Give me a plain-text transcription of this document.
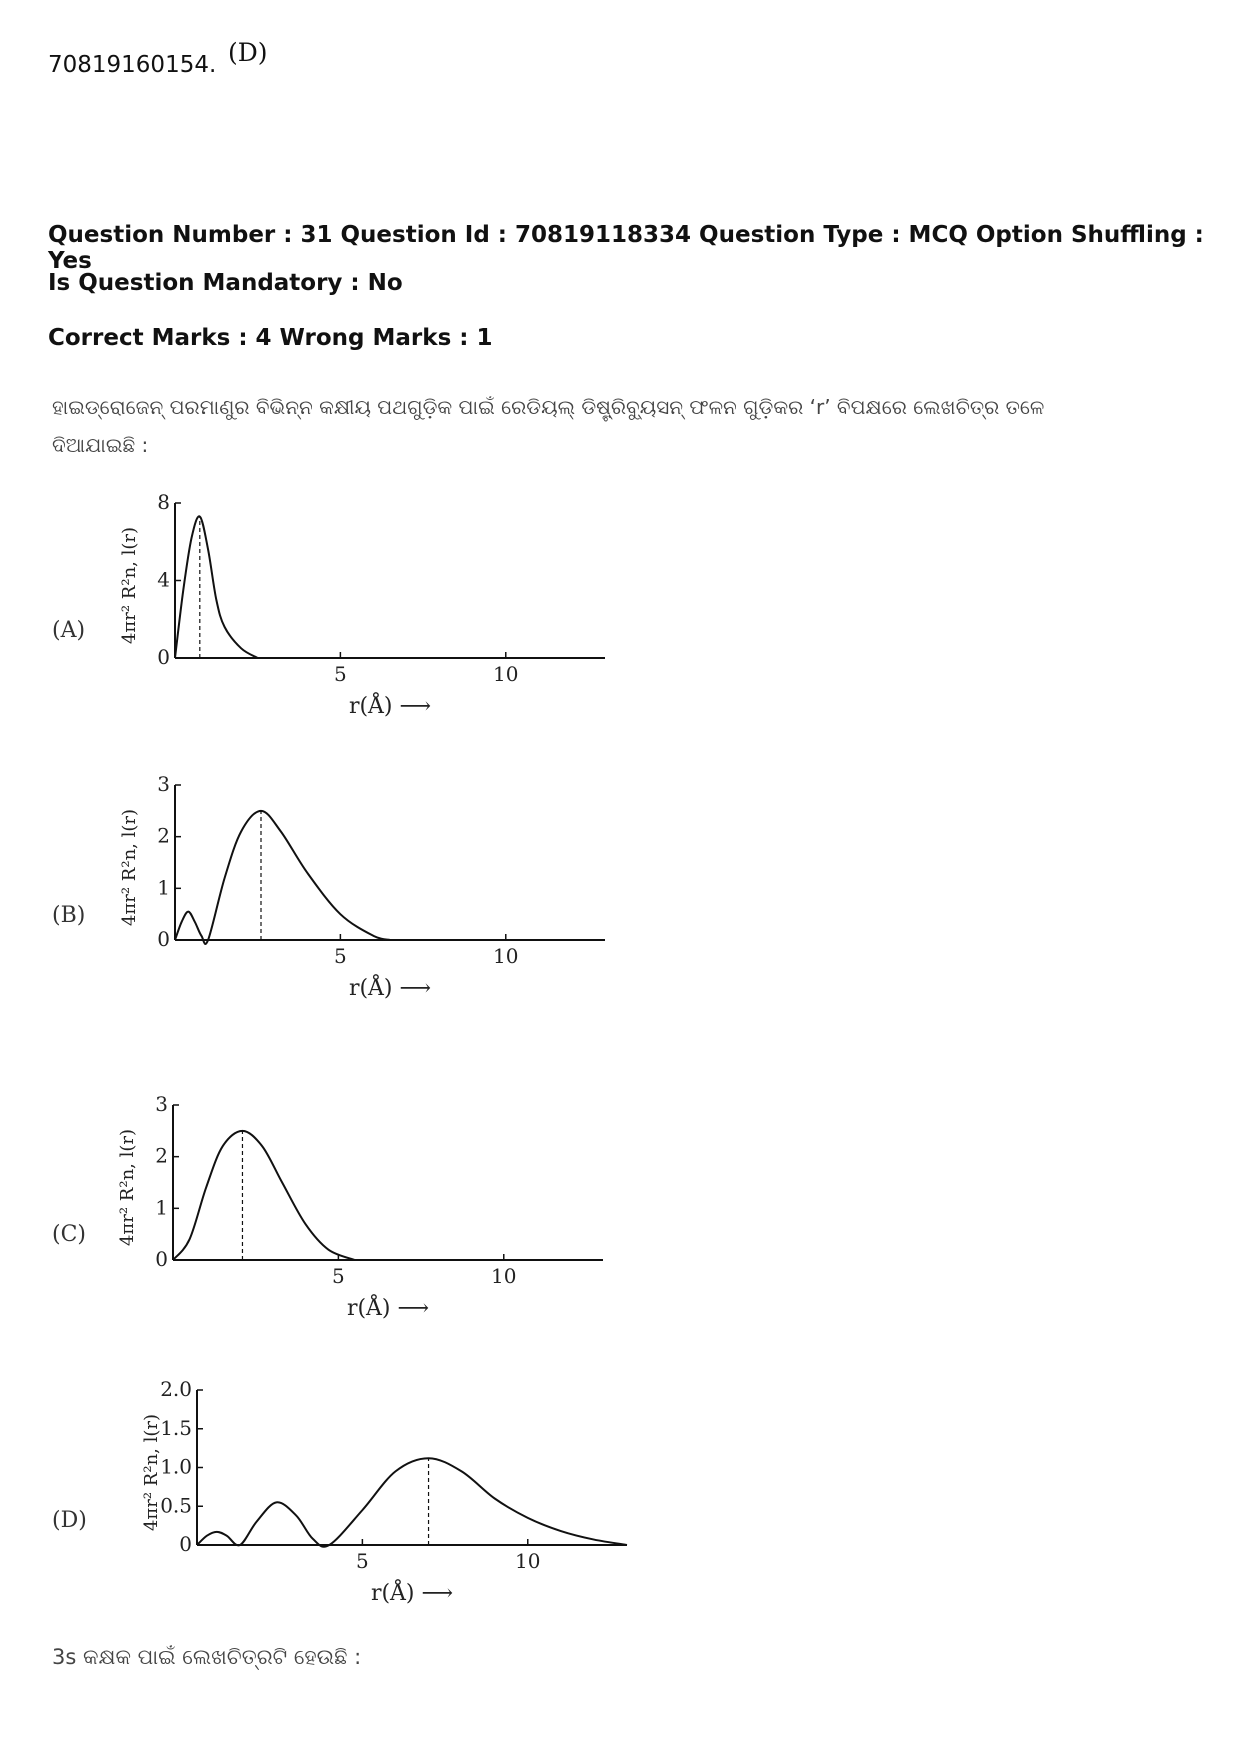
70819160154. (D)
Question Number : 31 Question Id : 70819118334 Question Type : MCQ Option Shuffling : Yes
Is Question Mandatory : No
Correct Marks : 4 Wrong Marks : 1
ହାଇଡ୍ରୋଜେନ୍ ପରମାଣୁର ବିଭିନ୍ନ କକ୍ଷୀୟ ପଥଗୁଡ଼ିକ ପାଇଁ ରେଡିୟଲ୍ ଡିଷ୍ଟ୍ରିବ୍ୟୁସନ୍ ଫଳନ ଗୁଡ଼ିକର ‘r’ ବିପକ୍ଷରେ ଲେଖଚିତ୍ର ତଳେ ଦିଆଯାଇଛି :
(A)
0
4
8
5	10
r(Å) ⟶
4πr² R²n, l(r)
(B)
0
1
2
3
5	10
r(Å) ⟶
4πr² R²n, l(r)
(C)
0
1
2
3
5	10
r(Å) ⟶
4πr² R²n, l(r)
(D)
0
0.5
1.0
1.5
2.0
5	10
r(Å) ⟶
4πr² R²n, l(r)
3s କକ୍ଷକ ପାଇଁ ଲେଖଚିତ୍ରଟି ହେଉଛି :
